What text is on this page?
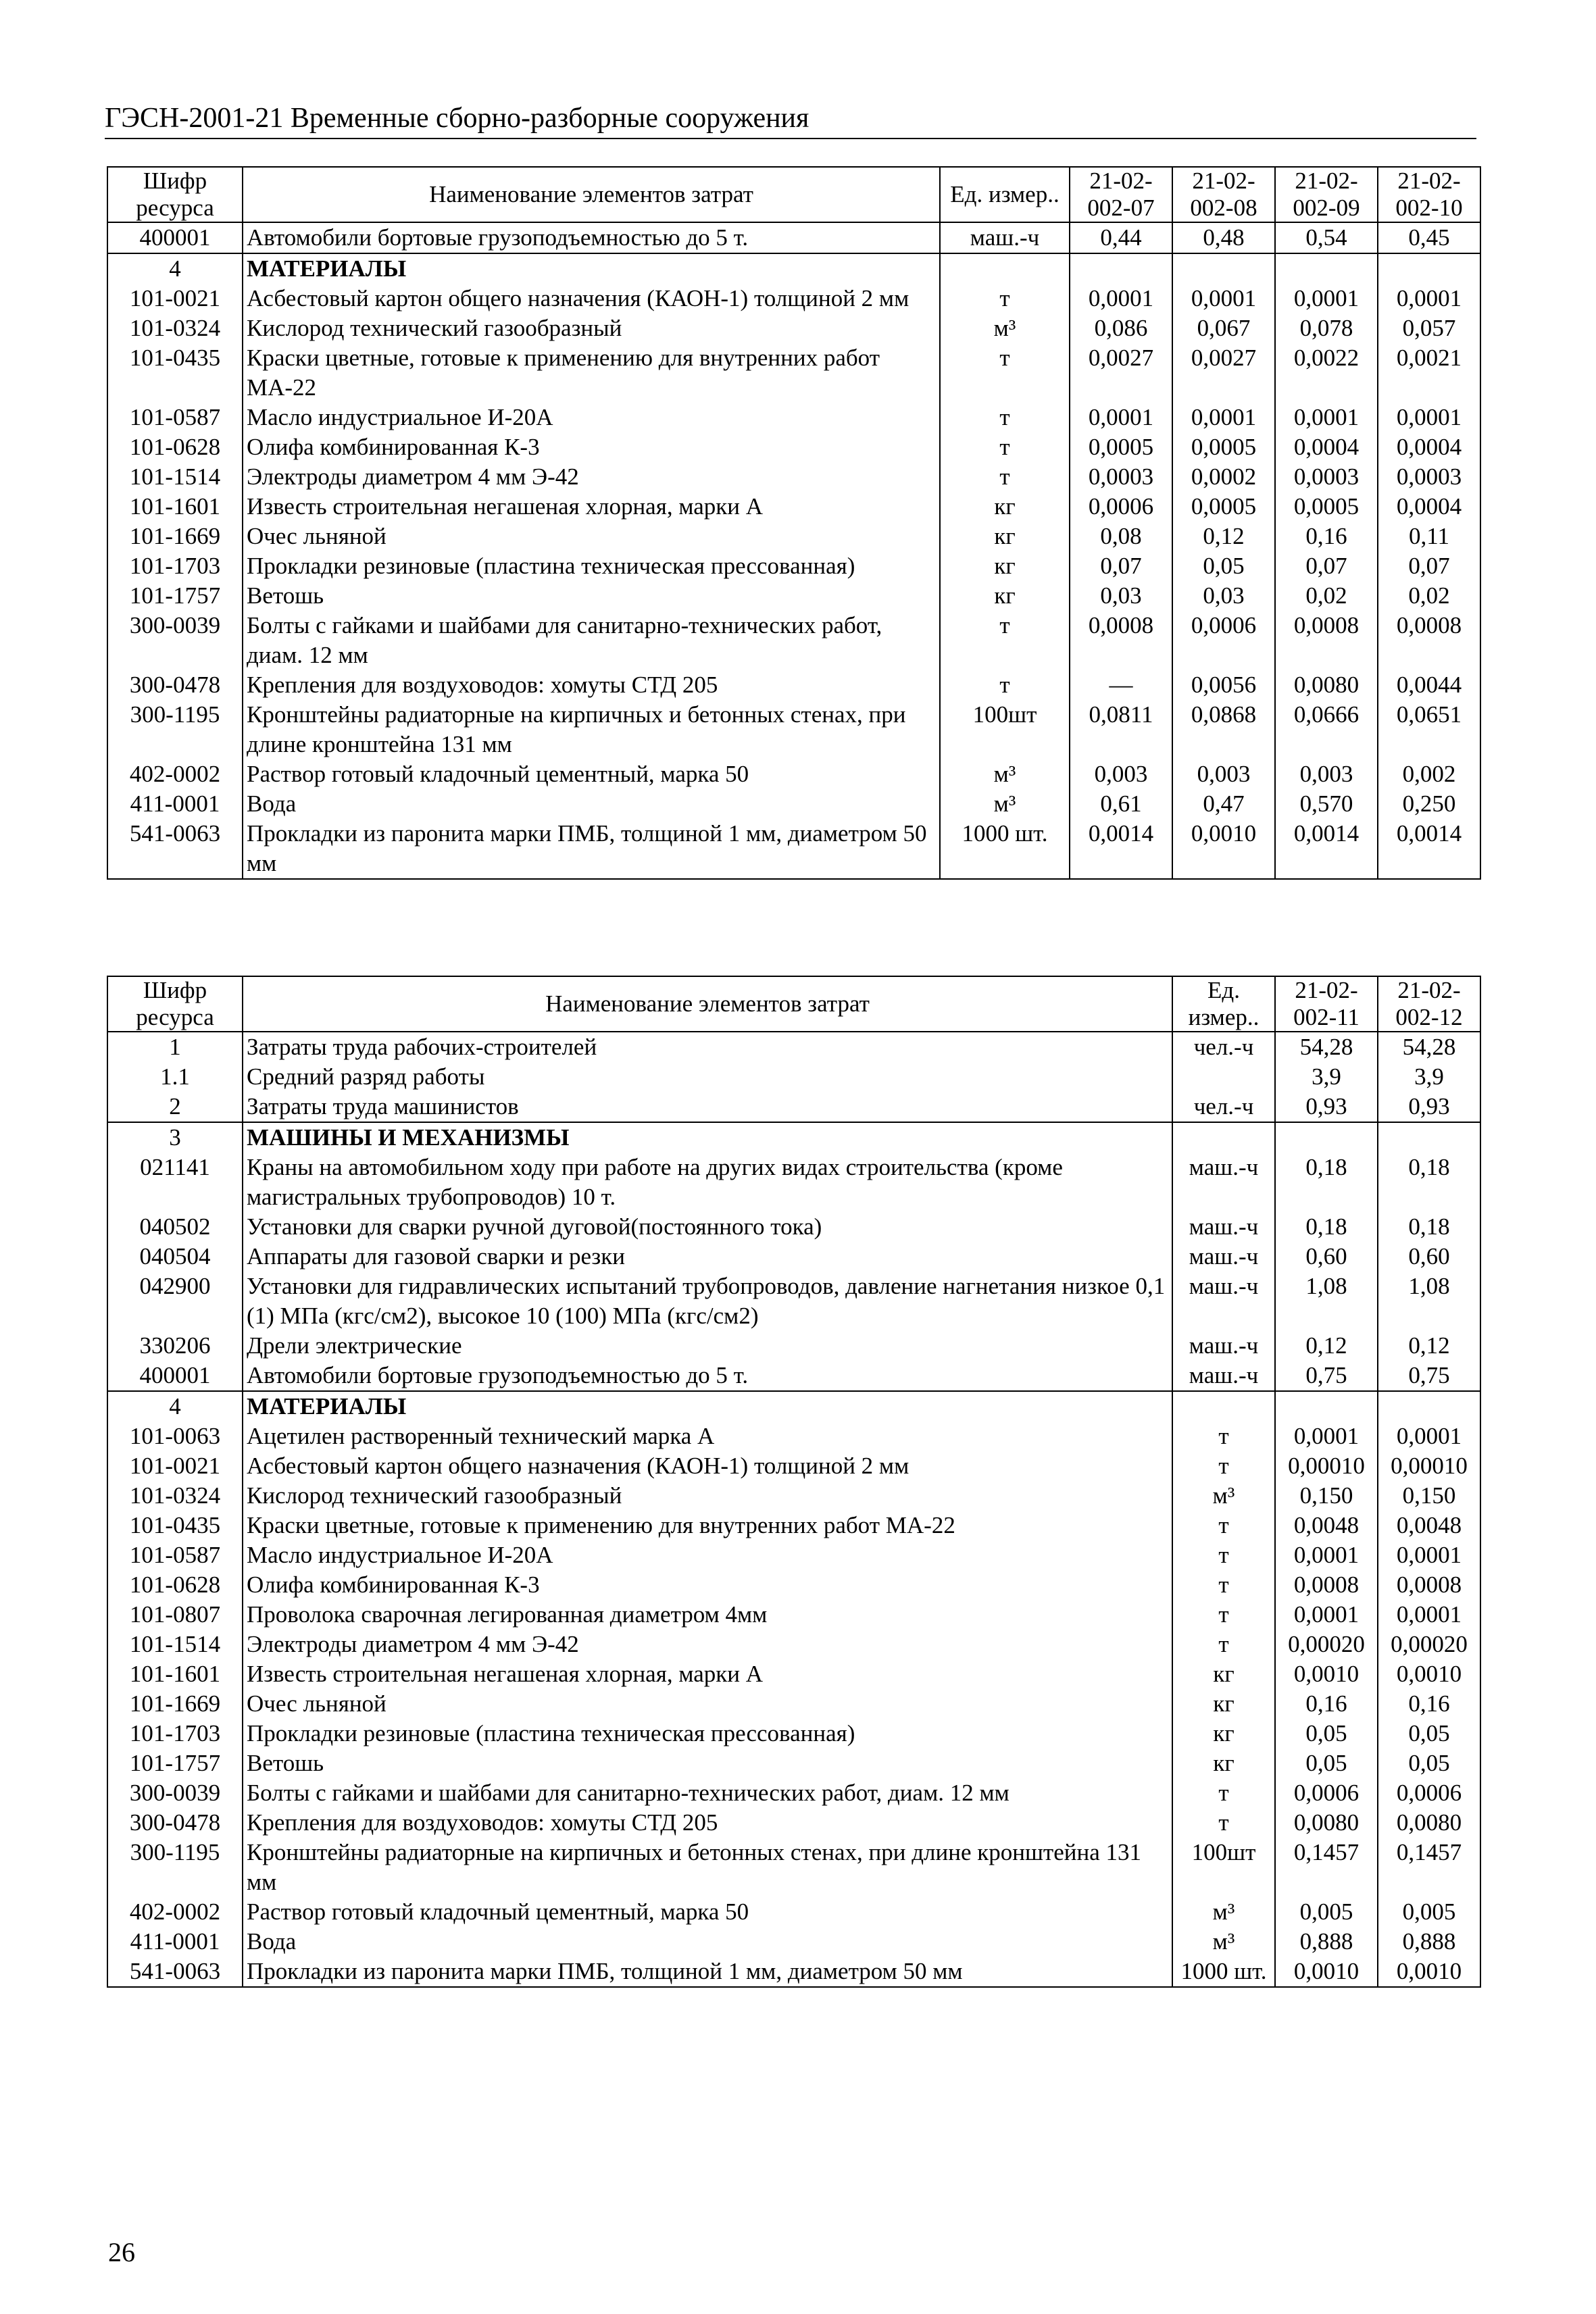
ГЭСН-2001-21 Временные сборно-разборные сооружения
Шифр ресурса	Наименование элементов затрат	Ед. измер..	21-02-002-07	21-02-002-08	21-02-002-09	21-02-002-10
400001	Автомобили бортовые грузоподъемностью до 5 т.	маш.-ч	0,44	0,48	0,54	0,45
4	МАТЕРИАЛЫ					
101-0021	Асбестовый картон общего назначения (КАОН-1) толщиной 2 мм	т	0,0001	0,0001	0,0001	0,0001
101-0324	Кислород технический газообразный	м³	0,086	0,067	0,078	0,057
101-0435	Краски цветные, готовые к применению для внутренних работ МА-22	т	0,0027	0,0027	0,0022	0,0021
101-0587	Масло индустриальное И-20А	т	0,0001	0,0001	0,0001	0,0001
101-0628	Олифа комбинированная К-3	т	0,0005	0,0005	0,0004	0,0004
101-1514	Электроды диаметром 4 мм Э-42	т	0,0003	0,0002	0,0003	0,0003
101-1601	Известь строительная негашеная хлорная, марки А	кг	0,0006	0,0005	0,0005	0,0004
101-1669	Очес льняной	кг	0,08	0,12	0,16	0,11
101-1703	Прокладки резиновые (пластина техническая прессованная)	кг	0,07	0,05	0,07	0,07
101-1757	Ветошь	кг	0,03	0,03	0,02	0,02
300-0039	Болты с гайками и шайбами для санитарно-технических работ, диам. 12 мм	т	0,0008	0,0006	0,0008	0,0008
300-0478	Крепления для воздуховодов: хомуты СТД 205	т	—	0,0056	0,0080	0,0044
300-1195	Кронштейны радиаторные на кирпичных и бетонных стенах, при длине кронштейна 131 мм	100шт	0,0811	0,0868	0,0666	0,0651
402-0002	Раствор готовый кладочный цементный, марка 50	м³	0,003	0,003	0,003	0,002
411-0001	Вода	м³	0,61	0,47	0,570	0,250
541-0063	Прокладки из паронита марки ПМБ, толщиной 1 мм, диаметром 50 мм	1000 шт.	0,0014	0,0010	0,0014	0,0014
Шифр ресурса	Наименование элементов затрат	Ед. измер..	21-02-002-11	21-02-002-12
1	Затраты труда рабочих-строителей	чел.-ч	54,28	54,28
1.1	Средний разряд работы		3,9	3,9
2	Затраты труда машинистов	чел.-ч	0,93	0,93
3	МАШИНЫ И МЕХАНИЗМЫ			
021141	Краны на автомобильном ходу при работе на других видах строительства (кроме магистральных трубопроводов) 10 т.	маш.-ч	0,18	0,18
040502	Установки для сварки ручной дуговой(постоянного тока)	маш.-ч	0,18	0,18
040504	Аппараты для газовой сварки и резки	маш.-ч	0,60	0,60
042900	Установки для гидравлических испытаний трубопроводов, давление нагнетания низкое 0,1 (1) МПа (кгс/см2), высокое 10 (100) МПа (кгс/см2)	маш.-ч	1,08	1,08
330206	Дрели электрические	маш.-ч	0,12	0,12
400001	Автомобили бортовые грузоподъемностью до 5 т.	маш.-ч	0,75	0,75
4	МАТЕРИАЛЫ			
101-0063	Ацетилен растворенный технический марка А	т	0,0001	0,0001
101-0021	Асбестовый картон общего назначения (КАОН-1) толщиной 2 мм	т	0,00010	0,00010
101-0324	Кислород технический газообразный	м³	0,150	0,150
101-0435	Краски цветные, готовые к применению для внутренних работ МА-22	т	0,0048	0,0048
101-0587	Масло индустриальное И-20А	т	0,0001	0,0001
101-0628	Олифа комбинированная К-3	т	0,0008	0,0008
101-0807	Проволока сварочная легированная диаметром 4мм	т	0,0001	0,0001
101-1514	Электроды диаметром 4 мм Э-42	т	0,00020	0,00020
101-1601	Известь строительная негашеная хлорная, марки А	кг	0,0010	0,0010
101-1669	Очес льняной	кг	0,16	0,16
101-1703	Прокладки резиновые (пластина техническая прессованная)	кг	0,05	0,05
101-1757	Ветошь	кг	0,05	0,05
300-0039	Болты с гайками и шайбами для санитарно-технических работ, диам. 12 мм	т	0,0006	0,0006
300-0478	Крепления для воздуховодов: хомуты СТД 205	т	0,0080	0,0080
300-1195	Кронштейны радиаторные на кирпичных и бетонных стенах, при длине кронштейна 131 мм	100шт	0,1457	0,1457
402-0002	Раствор готовый кладочный цементный, марка 50	м³	0,005	0,005
411-0001	Вода	м³	0,888	0,888
541-0063	Прокладки из паронита марки ПМБ, толщиной 1 мм, диаметром 50 мм	1000 шт.	0,0010	0,0010
26
